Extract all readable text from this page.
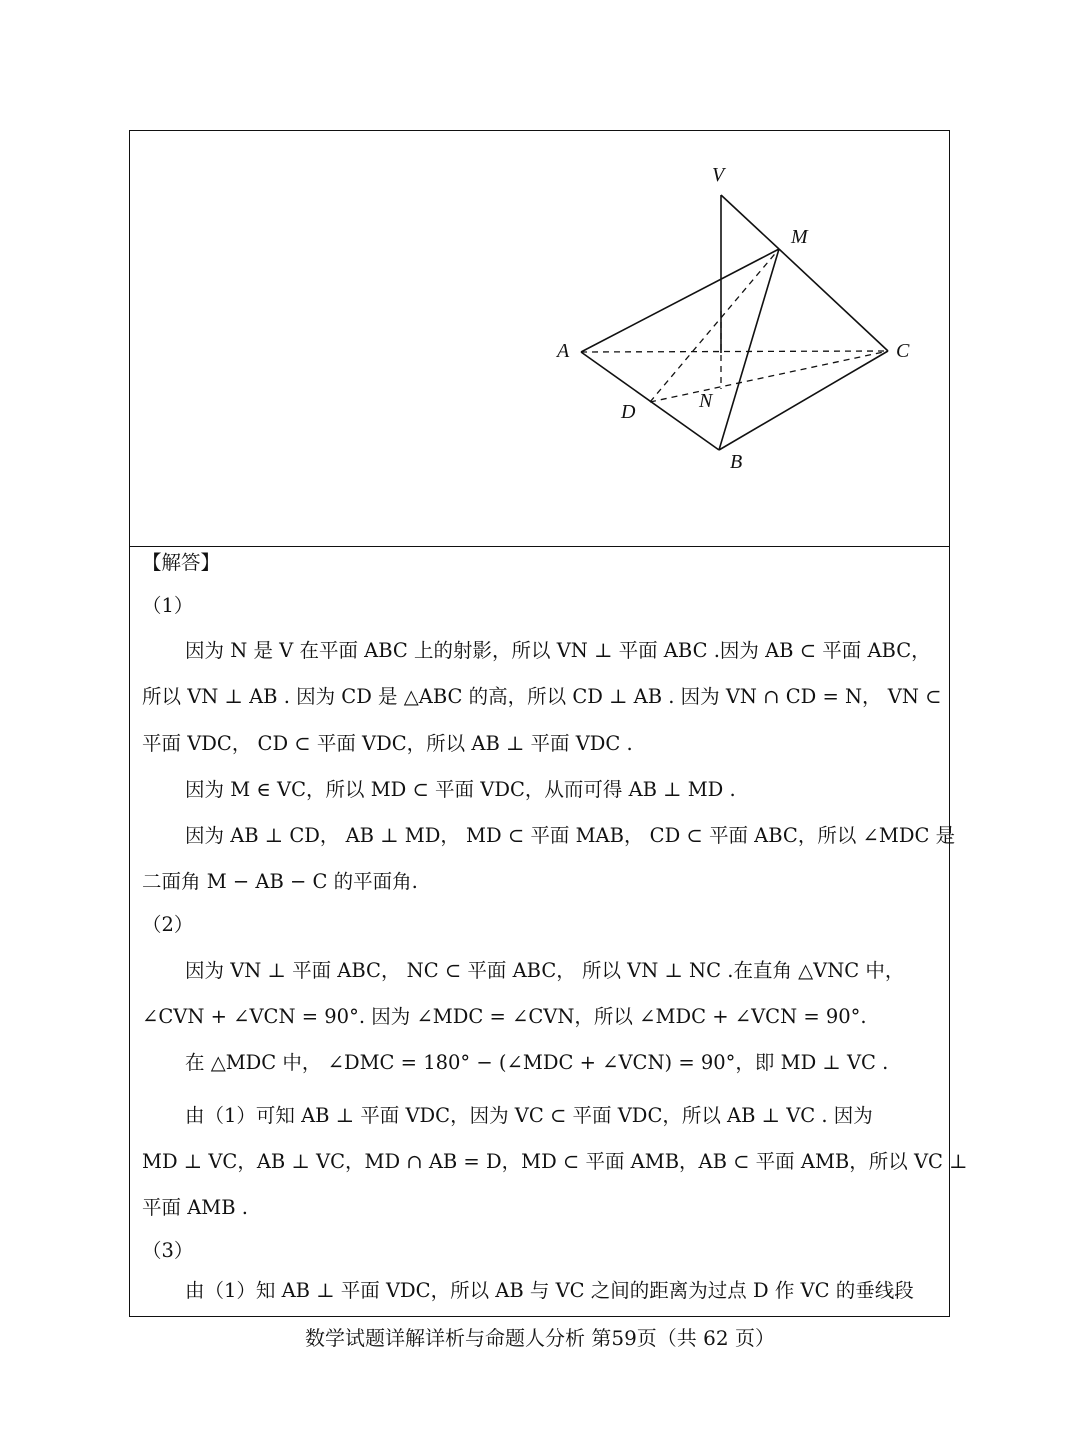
V
M
A	C
D	N
B
【解答】
（1）
因为 N 是 V 在平面 ABC 上的射影，所以 VN ⊥ 平面 ABC .因为 AB ⊂ 平面 ABC，
所以 VN ⊥ AB . 因为 CD 是 △ABC 的高，所以 CD ⊥ AB . 因为 VN ∩ CD = N， VN ⊂
平面 VDC， CD ⊂ 平面 VDC，所以 AB ⊥ 平面 VDC .
因为 M ∈ VC，所以 MD ⊂ 平面 VDC，从而可得 AB ⊥ MD .
因为 AB ⊥ CD， AB ⊥ MD， MD ⊂ 平面 MAB， CD ⊂ 平面 ABC，所以 ∠MDC 是
二面角 M − AB − C 的平面角.
（2）
因为 VN ⊥ 平面 ABC， NC ⊂ 平面 ABC， 所以 VN ⊥ NC .在直角 △VNC 中，
∠CVN + ∠VCN = 90°. 因为 ∠MDC = ∠CVN，所以 ∠MDC + ∠VCN = 90°.
在 △MDC 中， ∠DMC = 180° − (∠MDC + ∠VCN) = 90°，即 MD ⊥ VC .
由（1）可知 AB ⊥ 平面 VDC，因为 VC ⊂ 平面 VDC，所以 AB ⊥ VC . 因为
MD ⊥ VC，AB ⊥ VC，MD ∩ AB = D，MD ⊂ 平面 AMB，AB ⊂ 平面 AMB，所以 VC ⊥
平面 AMB .
（3）
由（1）知 AB ⊥ 平面 VDC，所以 AB 与 VC 之间的距离为过点 D 作 VC 的垂线段
数学试题详解详析与命题人分析 第59页（共 62 页）
